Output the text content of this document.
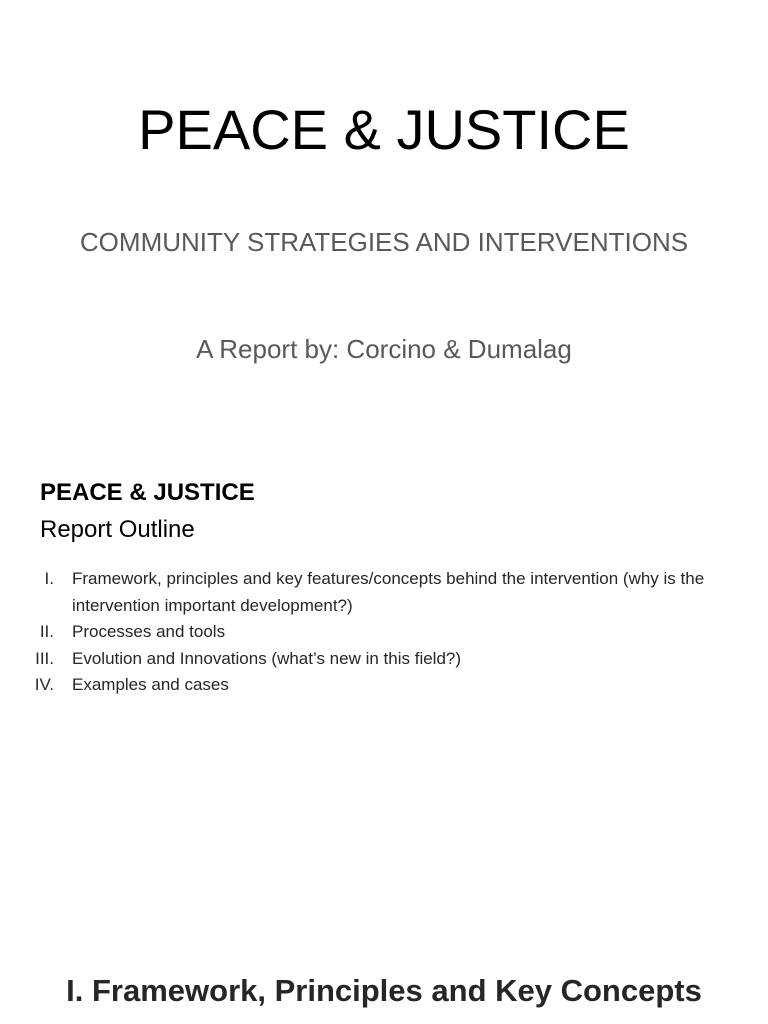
PEACE & JUSTICE
COMMUNITY STRATEGIES AND INTERVENTIONS
A Report by: Corcino & Dumalag
PEACE & JUSTICE
Report Outline
I. Framework, principles and key features/concepts behind the intervention (why is the intervention important development?)
II. Processes and tools
III. Evolution and Innovations (what’s new in this field?)
IV. Examples and cases
I. Framework, Principles and Key Concepts
